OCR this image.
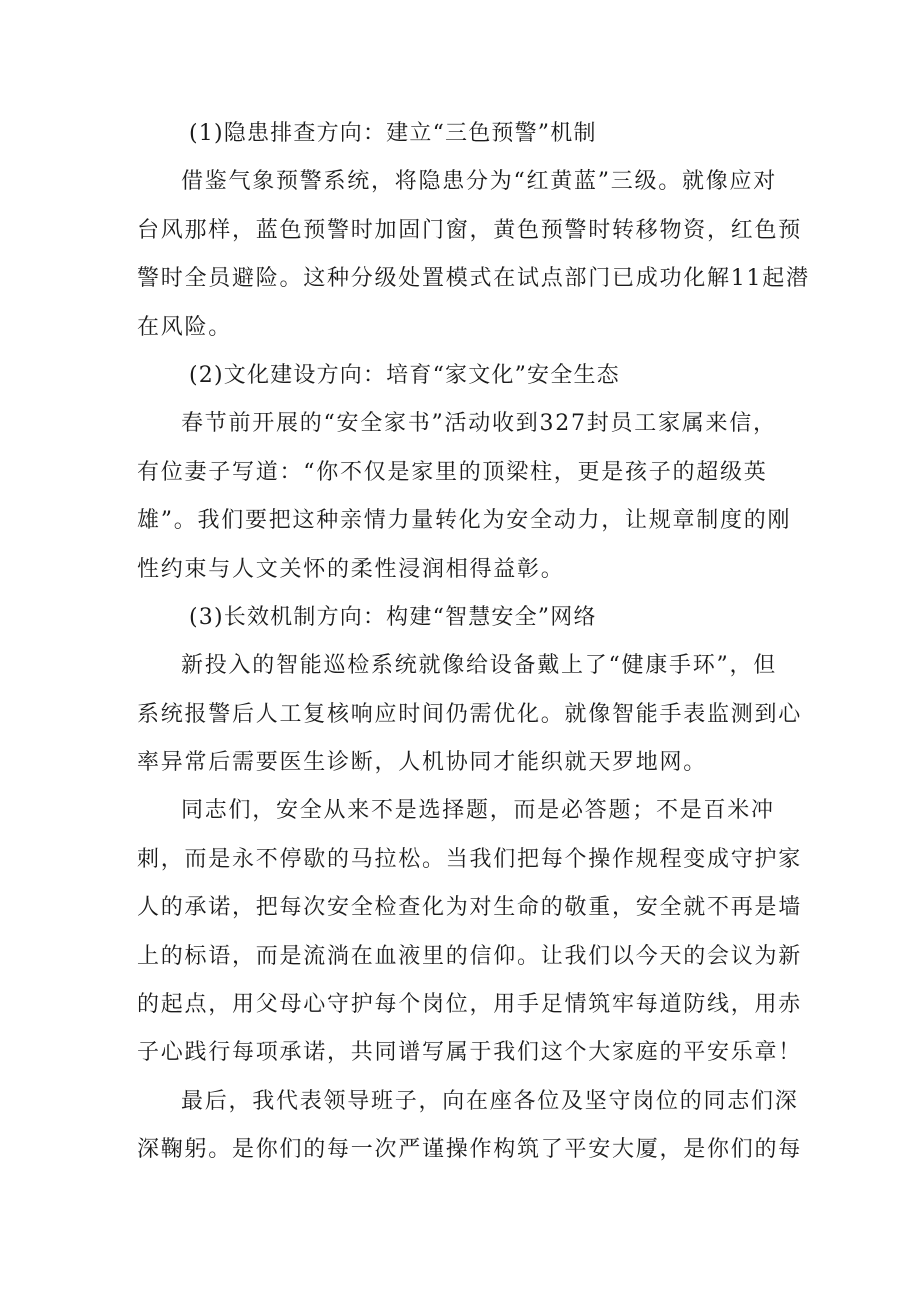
(1)隐患排查方向：建立“三色预警”机制
借鉴气象预警系统，将隐患分为“红黄蓝”三级。就像应对
台风那样，蓝色预警时加固门窗，黄色预警时转移物资，红色预
警时全员避险。这种分级处置模式在试点部门已成功化解11起潜
在风险。
(2)文化建设方向：培育“家文化”安全生态
春节前开展的“安全家书”活动收到327封员工家属来信，
有位妻子写道：“你不仅是家里的顶梁柱，更是孩子的超级英
雄”。我们要把这种亲情力量转化为安全动力，让规章制度的刚
性约束与人文关怀的柔性浸润相得益彰。
(3)长效机制方向：构建“智慧安全”网络
新投入的智能巡检系统就像给设备戴上了“健康手环”，但
系统报警后人工复核响应时间仍需优化。就像智能手表监测到心
率异常后需要医生诊断，人机协同才能织就天罗地网。
同志们，安全从来不是选择题，而是必答题；不是百米冲
刺，而是永不停歇的马拉松。当我们把每个操作规程变成守护家
人的承诺，把每次安全检查化为对生命的敬重，安全就不再是墙
上的标语，而是流淌在血液里的信仰。让我们以今天的会议为新
的起点，用父母心守护每个岗位，用手足情筑牢每道防线，用赤
子心践行每项承诺，共同谱写属于我们这个大家庭的平安乐章！
最后，我代表领导班子，向在座各位及坚守岗位的同志们深
深鞠躬。是你们的每一次严谨操作构筑了平安大厦，是你们的每
